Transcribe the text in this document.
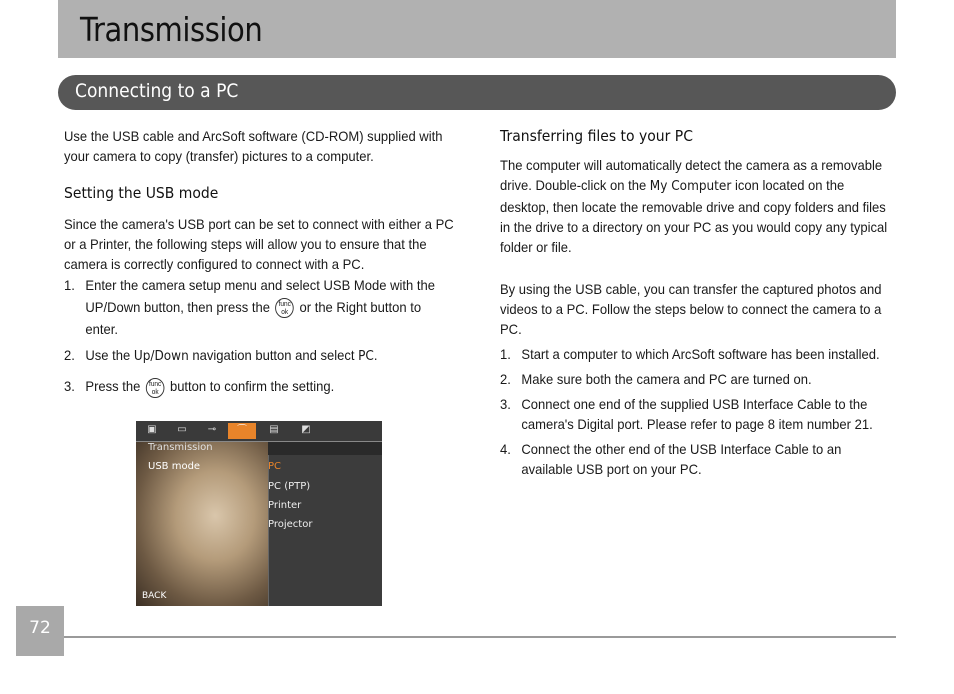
Transmission
Connecting to a PC

Use the USB cable and ArcSoft software (CD-ROM) supplied with your camera to copy (transfer) pictures to a computer.

Setting the USB mode

Since the camera's USB port can be set to connect with either a PC or a Printer, the following steps will allow you to ensure that the camera is correctly configured to connect with a PC.

1. Enter the camera setup menu and select USB Mode with the UP/Down button, then press the func ok or the Right button to enter.
2. Use the Up/Down navigation button and select PC.
3. Press the func ok button to confirm the setting.
▣	▭	⊸	⌒	▤	◩
Transmission
USB mode	PC
PC (PTP)
Printer
Projector
BACK
Transferring files to your PC

The computer will automatically detect the camera as a removable drive. Double-click on the My Computer icon located on the desktop, then locate the removable drive and copy folders and files in the drive to a directory on your PC as you would copy any typical folder or file.

By using the USB cable, you can transfer the captured photos and videos to a PC. Follow the steps below to connect the camera to a PC.

1. Start a computer to which ArcSoft software has been installed.
2. Make sure both the camera and PC are turned on.
3. Connect one end of the supplied USB Interface Cable to the camera's Digital port. Please refer to page 8 item number 21.
4. Connect the other end of the USB Interface Cable to an available USB port on your PC.
72
